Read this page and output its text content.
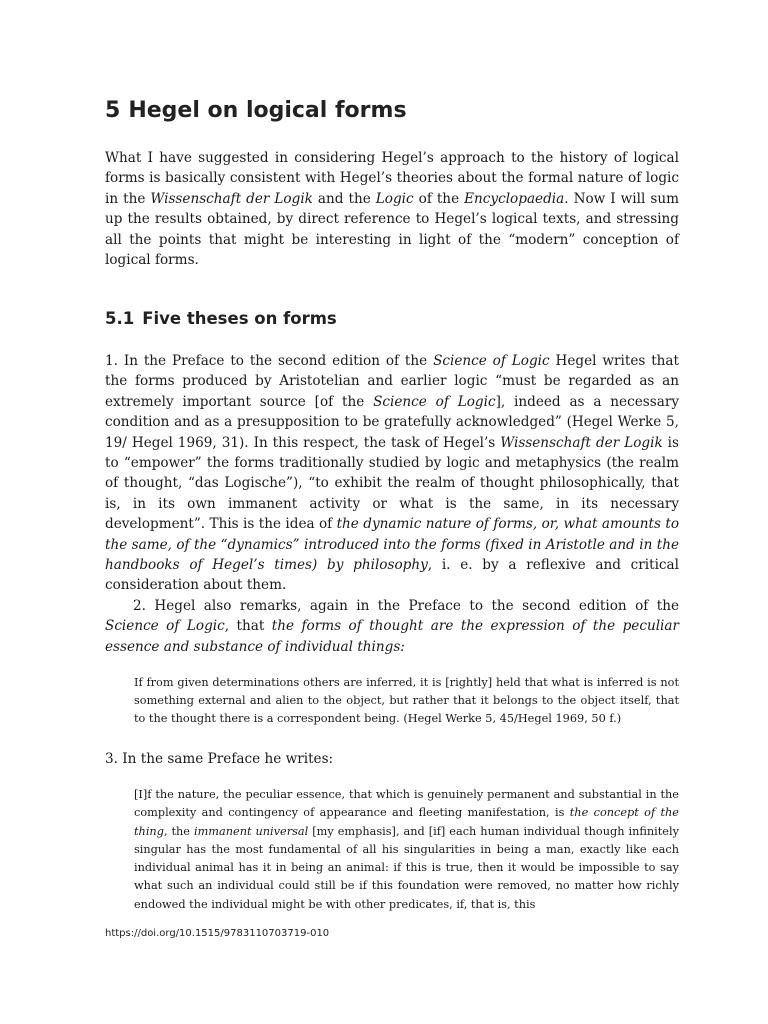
5 Hegel on logical forms

What I have suggested in considering Hegel’s approach to the history of logical forms is basically consistent with Hegel’s theories about the formal nature of logic in the Wissenschaft der Logik and the Logic of the Encyclopaedia. Now I will sum up the results obtained, by direct reference to Hegel’s logical texts, and stressing all the points that might be interesting in light of the “modern” conception of logical forms.

5.1 Five theses on forms

1. In the Preface to the second edition of the Science of Logic Hegel writes that the forms produced by Aristotelian and earlier logic “must be regarded as an extremely important source [of the Science of Logic], indeed as a necessary condition and as a presupposition to be gratefully acknowledged” (Hegel Werke 5, 19/ Hegel 1969, 31). In this respect, the task of Hegel’s Wissenschaft der Logik is to “empower” the forms traditionally studied by logic and metaphysics (the realm of thought, “das Logische”), “to exhibit the realm of thought philosophically, that is, in its own immanent activity or what is the same, in its necessary development”. This is the idea of the dynamic nature of forms, or, what amounts to the same, of the “dynamics” introduced into the forms (fixed in Aristotle and in the handbooks of Hegel’s times) by philosophy, i. e. by a reflexive and critical consideration about them.

2. Hegel also remarks, again in the Preface to the second edition of the Science of Logic, that the forms of thought are the expression of the peculiar essence and substance of individual things:

If from given determinations others are inferred, it is [rightly] held that what is inferred is not something external and alien to the object, but rather that it belongs to the object itself, that to the thought there is a correspondent being. (Hegel Werke 5, 45/Hegel 1969, 50 f.)

3. In the same Preface he writes:

[I]f the nature, the peculiar essence, that which is genuinely permanent and substantial in the complexity and contingency of appearance and fleeting manifestation, is the concept of the thing, the immanent universal [my emphasis], and [if] each human individual though infinitely singular has the most fundamental of all his singularities in being a man, exactly like each individual animal has it in being an animal: if this is true, then it would be impossible to say what such an individual could still be if this foundation were removed, no matter how richly endowed the individual might be with other predicates, if, that is, this

https://doi.org/10.1515/9783110703719-010
